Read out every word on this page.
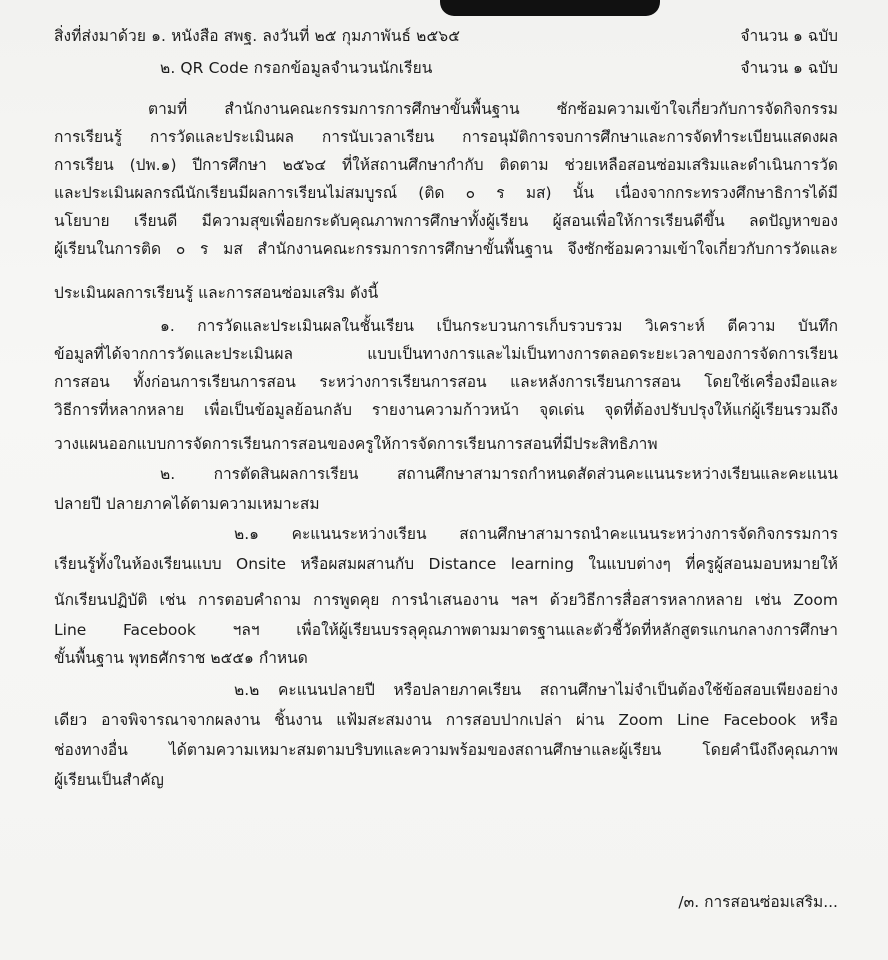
สิ่งที่ส่งมาด้วย ๑. หนังสือ สพฐ. ลงวันที่ ๒๕ กุมภาพันธ์ ๒๕๖๕	จำนวน ๑ ฉบับ
๒. QR Code กรอกข้อมูลจำนวนนักเรียน	จำนวน ๑ ฉบับ
ตามที่ สำนักงานคณะกรรมการการศึกษาขั้นพื้นฐาน ซักซ้อมความเข้าใจเกี่ยวกับการจัดกิจกรรม
การเรียนรู้ การวัดและประเมินผล การนับเวลาเรียน การอนุมัติการจบการศึกษาและการจัดทำระเบียนแสดงผล
การเรียน (ปพ.๑) ปีการศึกษา ๒๕๖๔ ที่ให้สถานศึกษากำกับ ติดตาม ช่วยเหลือสอนซ่อมเสริมและดำเนินการวัด
และประเมินผลกรณีนักเรียนมีผลการเรียนไม่สมบูรณ์ (ติด ๐ ร มส) นั้น เนื่องจากกระทรวงศึกษาธิการได้มี
นโยบาย เรียนดี มีความสุขเพื่อยกระดับคุณภาพการศึกษาทั้งผู้เรียน ผู้สอนเพื่อให้การเรียนดีขึ้น ลดปัญหาของ
ผู้เรียนในการติด ๐ ร มส สำนักงานคณะกรรมการการศึกษาขั้นพื้นฐาน จึงซักซ้อมความเข้าใจเกี่ยวกับการวัดและ
ประเมินผลการเรียนรู้ และการสอนซ่อมเสริม ดังนี้
๑. การวัดและประเมินผลในชั้นเรียน เป็นกระบวนการเก็บรวบรวม วิเคราะห์ ตีความ บันทึก
ข้อมูลที่ได้จากการวัดและประเมินผล แบบเป็นทางการและไม่เป็นทางการตลอดระยะเวลาของการจัดการเรียน
การสอน ทั้งก่อนการเรียนการสอน ระหว่างการเรียนการสอน และหลังการเรียนการสอน โดยใช้เครื่องมือและ
วิธีการที่หลากหลาย เพื่อเป็นข้อมูลย้อนกลับ รายงานความก้าวหน้า จุดเด่น จุดที่ต้องปรับปรุงให้แก่ผู้เรียนรวมถึง
วางแผนออกแบบการจัดการเรียนการสอนของครูให้การจัดการเรียนการสอนที่มีประสิทธิภาพ
๒. การตัดสินผลการเรียน สถานศึกษาสามารถกำหนดสัดส่วนคะแนนระหว่างเรียนและคะแนน
ปลายปี ปลายภาคได้ตามความเหมาะสม
๒.๑ คะแนนระหว่างเรียน สถานศึกษาสามารถนำคะแนนระหว่างการจัดกิจกรรมการ
เรียนรู้ทั้งในห้องเรียนแบบ Onsite หรือผสมผสานกับ Distance learning ในแบบต่างๆ ที่ครูผู้สอนมอบหมายให้
นักเรียนปฏิบัติ เช่น การตอบคำถาม การพูดคุย การนำเสนองาน ฯลฯ ด้วยวิธีการสื่อสารหลากหลาย เช่น Zoom
Line Facebook ฯลฯ เพื่อให้ผู้เรียนบรรลุคุณภาพตามมาตรฐานและตัวชี้วัดที่หลักสูตรแกนกลางการศึกษา
ขั้นพื้นฐาน พุทธศักราช ๒๕๕๑ กำหนด
๒.๒ คะแนนปลายปี หรือปลายภาคเรียน สถานศึกษาไม่จำเป็นต้องใช้ข้อสอบเพียงอย่าง
เดียว อาจพิจารณาจากผลงาน ชิ้นงาน แฟ้มสะสมงาน การสอบปากเปล่า ผ่าน Zoom Line Facebook หรือ
ช่องทางอื่น ได้ตามความเหมาะสมตามบริบทและความพร้อมของสถานศึกษาและผู้เรียน โดยคำนึงถึงคุณภาพ
ผู้เรียนเป็นสำคัญ
/๓. การสอนซ่อมเสริม...
